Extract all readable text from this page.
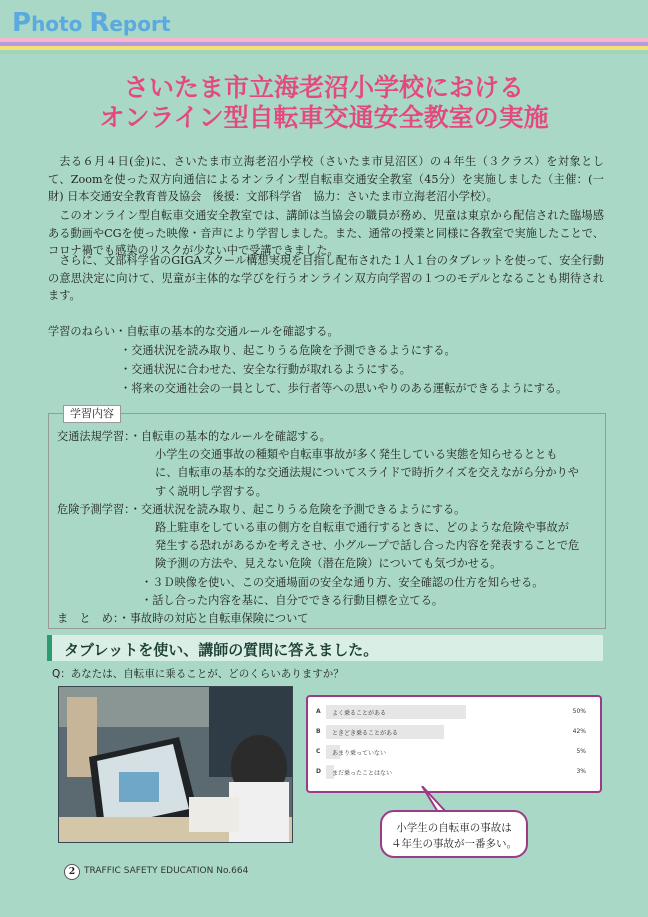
Photo Report
さいたま市立海老沼小学校における
オンライン型自転車交通安全教室の実施
去る６月４日(金)に、さいたま市立海老沼小学校（さいたま市見沼区）の４年生（３クラス）を対象として、Zoomを使った双方向通信によるオンライン型自転車交通安全教室（45分）を実施しました（主催：(一財) 日本交通安全教育普及協会　後援：文部科学省　協力：さいたま市立海老沼小学校）。
このオンライン型自転車交通安全教室では、講師は当協会の職員が務め、児童は東京から配信された臨場感ある動画やCGを使った映像・音声により学習しました。また、通常の授業と同様に各教室で実施したことで、コロナ禍でも感染のリスクが少ない中で受講できました。
さらに、文部科学省のGIGAスクール構想実現を目指し配布された１人１台のタブレットを使って、安全行動の意思決定に向けて、児童が主体的な学びを行うオンライン双方向学習の１つのモデルとなることも期待されます。
学習のねらい・自転車の基本的な交通ルールを確認する。
・交通状況を読み取り、起こりうる危険を予測できるようにする。
・交通状況に合わせた、安全な行動が取れるようにする。
・将来の交通社会の一員として、歩行者等への思いやりのある運転ができるようにする。
学習内容
交通法規学習：・自転車の基本的なルールを確認する。
小学生の交通事故の種類や自転車事故が多く発生している実態を知らせるととも
に、自転車の基本的な交通法規についてスライドで時折クイズを交えながら分かりや
すく説明し学習する。
危険予測学習：・交通状況を読み取り、起こりうる危険を予測できるようにする。
路上駐車をしている車の側方を自転車で通行するときに、どのような危険や事故が
発生する恐れがあるかを考えさせ、小グループで話し合った内容を発表することで危
険予測の方法や、見えない危険（潜在危険）についても気づかせる。
・３Ｄ映像を使い、この交通場面の安全な通り方、安全確認の仕方を知らせる。
・話し合った内容を基に、自分でできる行動目標を立てる。
ま　と　め：・事故時の対応と自転車保険について
タブレットを使い、講師の質問に答えました。
Q：あなたは、自転車に乗ることが、どのくらいありますか？
A よく乗ることがある	50%
B ときどき乗ることがある	42%
C あまり乗っていない	5%
D まだ乗ったことはない	3%
小学生の自転車の事故は
４年生の事故が一番多い。
2 TRAFFIC SAFETY EDUCATION No.664
